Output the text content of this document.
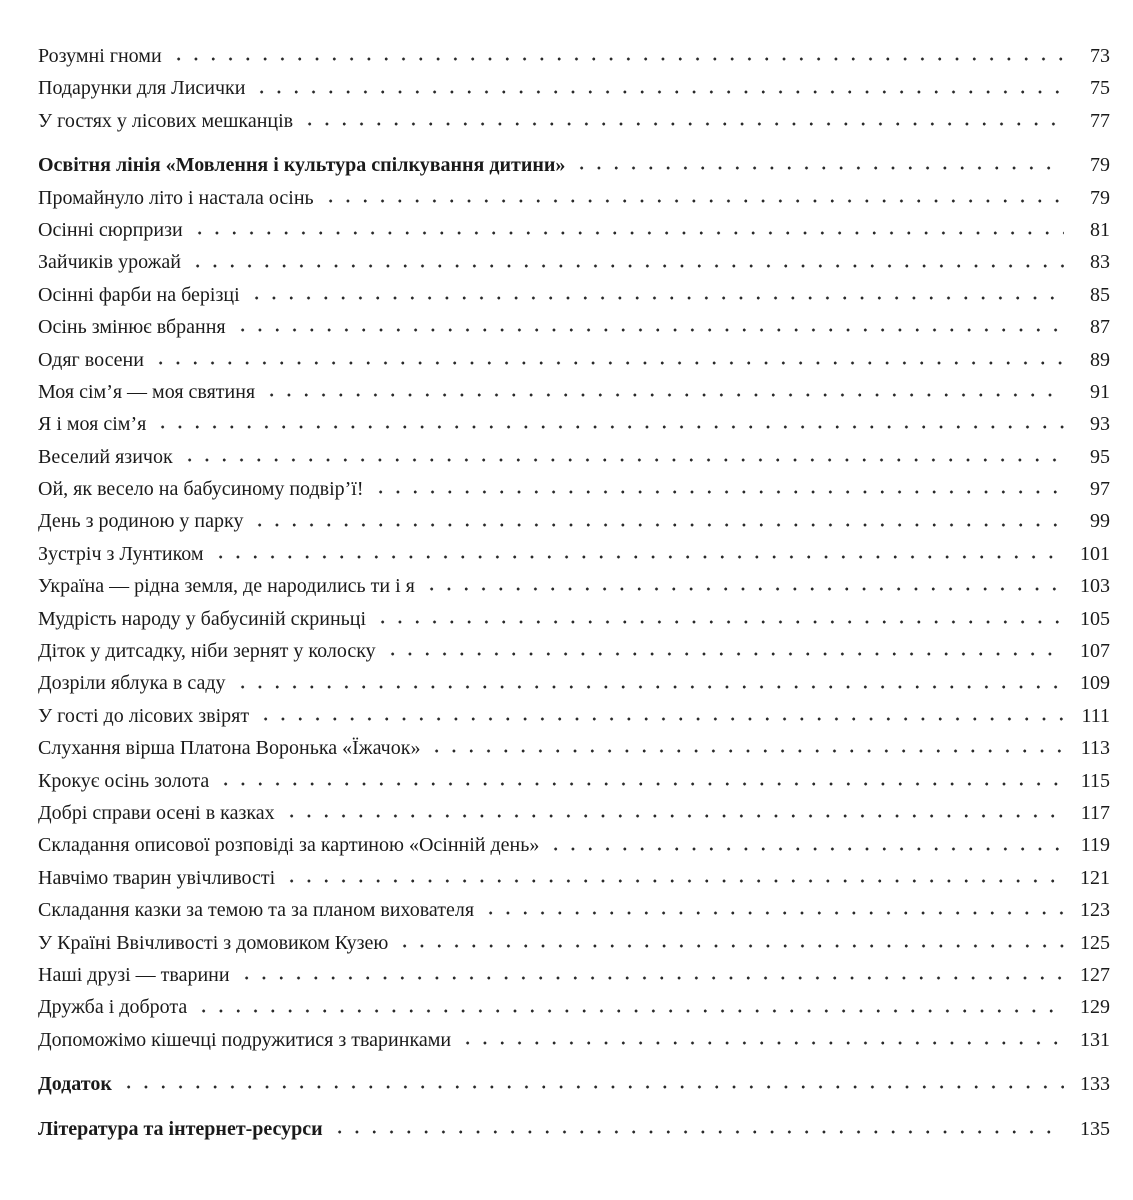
Розумні гноми	73
Подарунки для Лисички	75
У гостях у лісових мешканців	77
Освітня лінія «Мовлення і культура спілкування дитини»	79
Промайнуло літо і настала осінь	79
Осінні сюрпризи	81
Зайчиків урожай	83
Осінні фарби на берізці	85
Осінь змінює вбрання	87
Одяг восени	89
Моя сім’я — моя святиня	91
Я і моя сім’я	93
Веселий язичок	95
Ой, як весело на бабусиному подвір’ї!	97
День з родиною у парку	99
Зустріч з Лунтиком	101
Україна — рідна земля, де народились ти і я	103
Мудрість народу у бабусиній скриньці	105
Діток у дитсадку, ніби зернят у колоску	107
Дозріли яблука в саду	109
У гості до лісових звірят	111
Слухання вірша Платона Воронька «Їжачок»	113
Крокує осінь золота	115
Добрі справи осені в казках	117
Складання описової розповіді за картиною «Осінній день»	119
Навчімо тварин увічливості	121
Складання казки за темою та за планом вихователя	123
У Країні Ввічливості з домовиком Кузею	125
Наші друзі — тварини	127
Дружба і доброта	129
Допоможімо кішечці подружитися з тваринками	131
Додаток	133
Література та інтернет-ресурси	135
